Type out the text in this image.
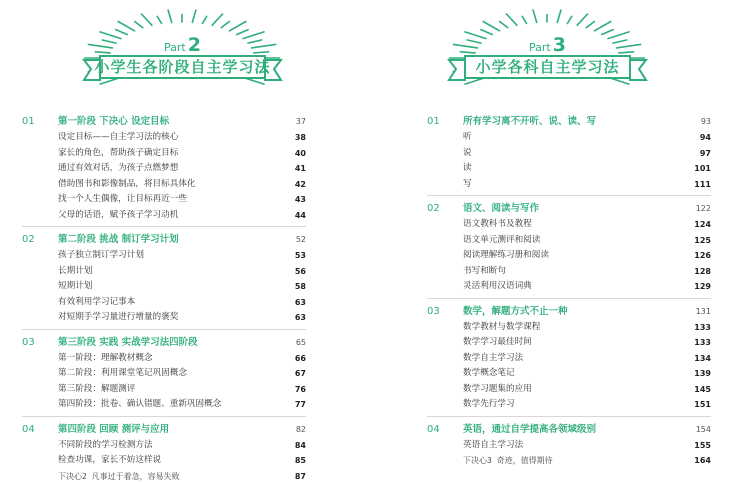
Part 2
小学生各阶段自主学习法
01 第一阶段 下决心 设定目标	37
设定目标——自主学习法的核心	38
家长的角色，帮助孩子确定目标	40
通过有效对话，为孩子点燃梦想	41
借助图书和影像制品，将目标具体化	42
找一个人生偶像，让目标再近一些	43
父母的话语，赋予孩子学习动机	44
02 第二阶段 挑战 制订学习计划	52
孩子独立制订学习计划	53
长期计划	56
短期计划	58
有效利用学习记事本	63
对短期手学习量进行增量的褒奖	63
03 第三阶段 实践 实战学习法四阶段	65
第一阶段：理解教材概念	66
第二阶段：利用课堂笔记巩固概念	67
第三阶段：解题测评	76
第四阶段：批卷、确认错题、重新巩固概念	77
04 第四阶段 回顾 测评与应用	82
不同阶段的学习检测方法	84
检查功课，家长不妨这样说	85
下决心2 凡事过于着急，容易失败	87
Part 3
小学各科自主学习法
01 所有学习离不开听、说、读、写	93
听	94
说	97
读	101
写	111
02 语文、阅读与写作	122
语文教科书及教程	124
语文单元测评和阅读	125
阅读理解练习册和阅读	126
书写和断句	128
灵活利用汉语词典	129
03 数学，解题方式不止一种	131
数学教材与数学课程	133
数学学习最佳时间	133
数学自主学习法	134
数学概念笔记	139
数学习题集的应用	145
数学先行学习	151
04 英语，通过自学提高各领域级别	154
英语自主学习法	155
下决心3 奇迹，值得期待	164
